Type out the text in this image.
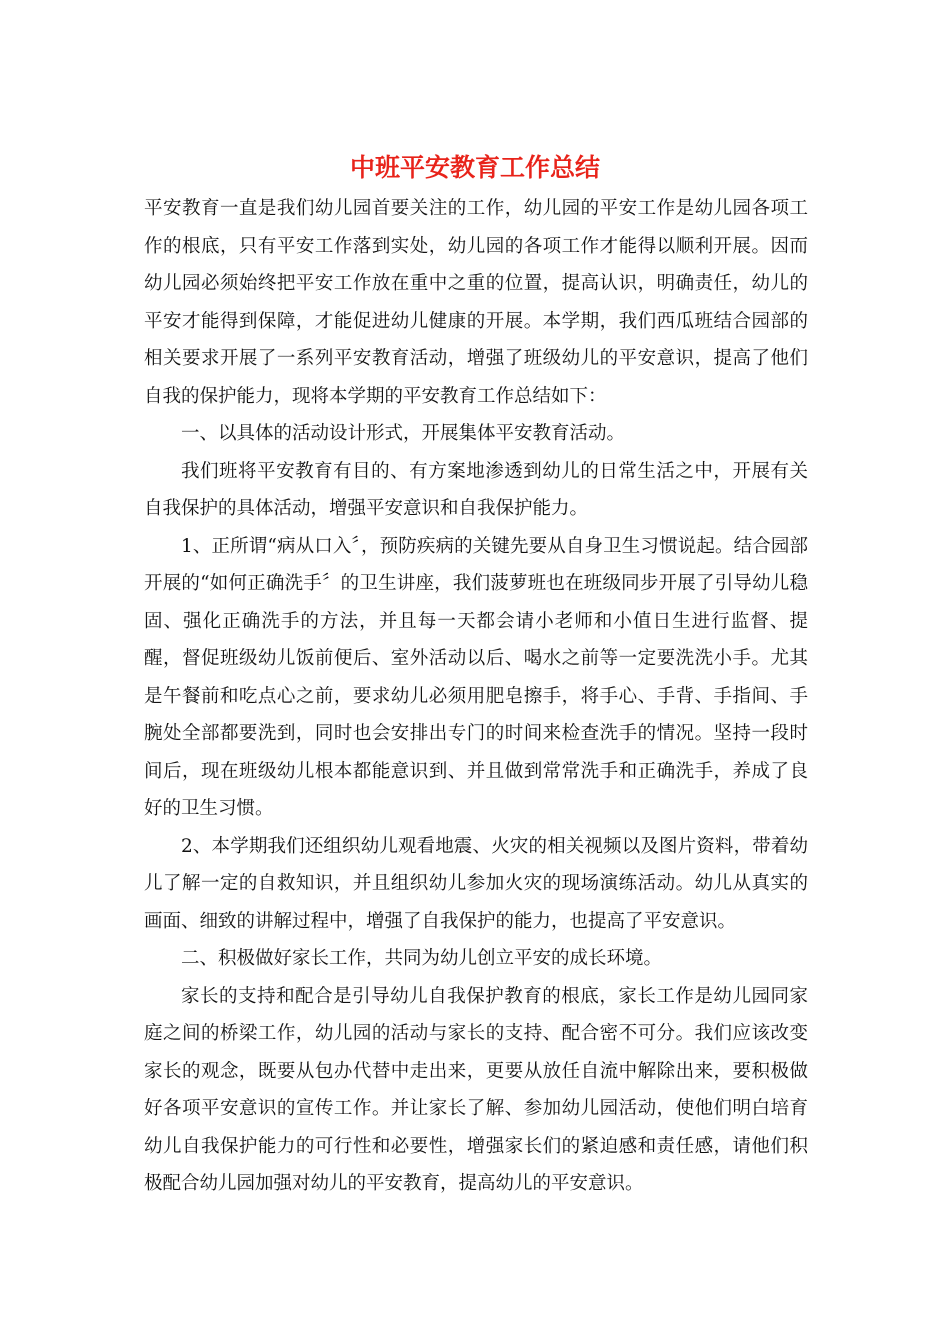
中班平安教育工作总结

平安教育一直是我们幼儿园首要关注的工作，幼儿园的平安工作是幼儿园各项工作的根底，只有平安工作落到实处，幼儿园的各项工作才能得以顺利开展。因而幼儿园必须始终把平安工作放在重中之重的位置，提高认识，明确责任，幼儿的平安才能得到保障，才能促进幼儿健康的开展。本学期，我们西瓜班结合园部的相关要求开展了一系列平安教育活动，增强了班级幼儿的平安意识，提高了他们自我的保护能力，现将本学期的平安教育工作总结如下：

一、以具体的活动设计形式，开展集体平安教育活动。

我们班将平安教育有目的、有方案地渗透到幼儿的日常生活之中，开展有关自我保护的具体活动，增强平安意识和自我保护能力。

1、正所谓“病从口入〞，预防疾病的关键先要从自身卫生习惯说起。结合园部开展的“如何正确洗手〞的卫生讲座，我们菠萝班也在班级同步开展了引导幼儿稳固、强化正确洗手的方法，并且每一天都会请小老师和小值日生进行监督、提醒，督促班级幼儿饭前便后、室外活动以后、喝水之前等一定要洗洗小手。尤其是午餐前和吃点心之前，要求幼儿必须用肥皂擦手，将手心、手背、手指间、手腕处全部都要洗到，同时也会安排出专门的时间来检查洗手的情况。坚持一段时间后，现在班级幼儿根本都能意识到、并且做到常常洗手和正确洗手，养成了良好的卫生习惯。

2、本学期我们还组织幼儿观看地震、火灾的相关视频以及图片资料，带着幼儿了解一定的自救知识，并且组织幼儿参加火灾的现场演练活动。幼儿从真实的画面、细致的讲解过程中，增强了自我保护的能力，也提高了平安意识。

二、积极做好家长工作，共同为幼儿创立平安的成长环境。

家长的支持和配合是引导幼儿自我保护教育的根底，家长工作是幼儿园同家庭之间的桥梁工作，幼儿园的活动与家长的支持、配合密不可分。我们应该改变家长的观念，既要从包办代替中走出来，更要从放任自流中解除出来，要积极做好各项平安意识的宣传工作。并让家长了解、参加幼儿园活动，使他们明白培育幼儿自我保护能力的可行性和必要性，增强家长们的紧迫感和责任感，请他们积极配合幼儿园加强对幼儿的平安教育，提高幼儿的平安意识。
